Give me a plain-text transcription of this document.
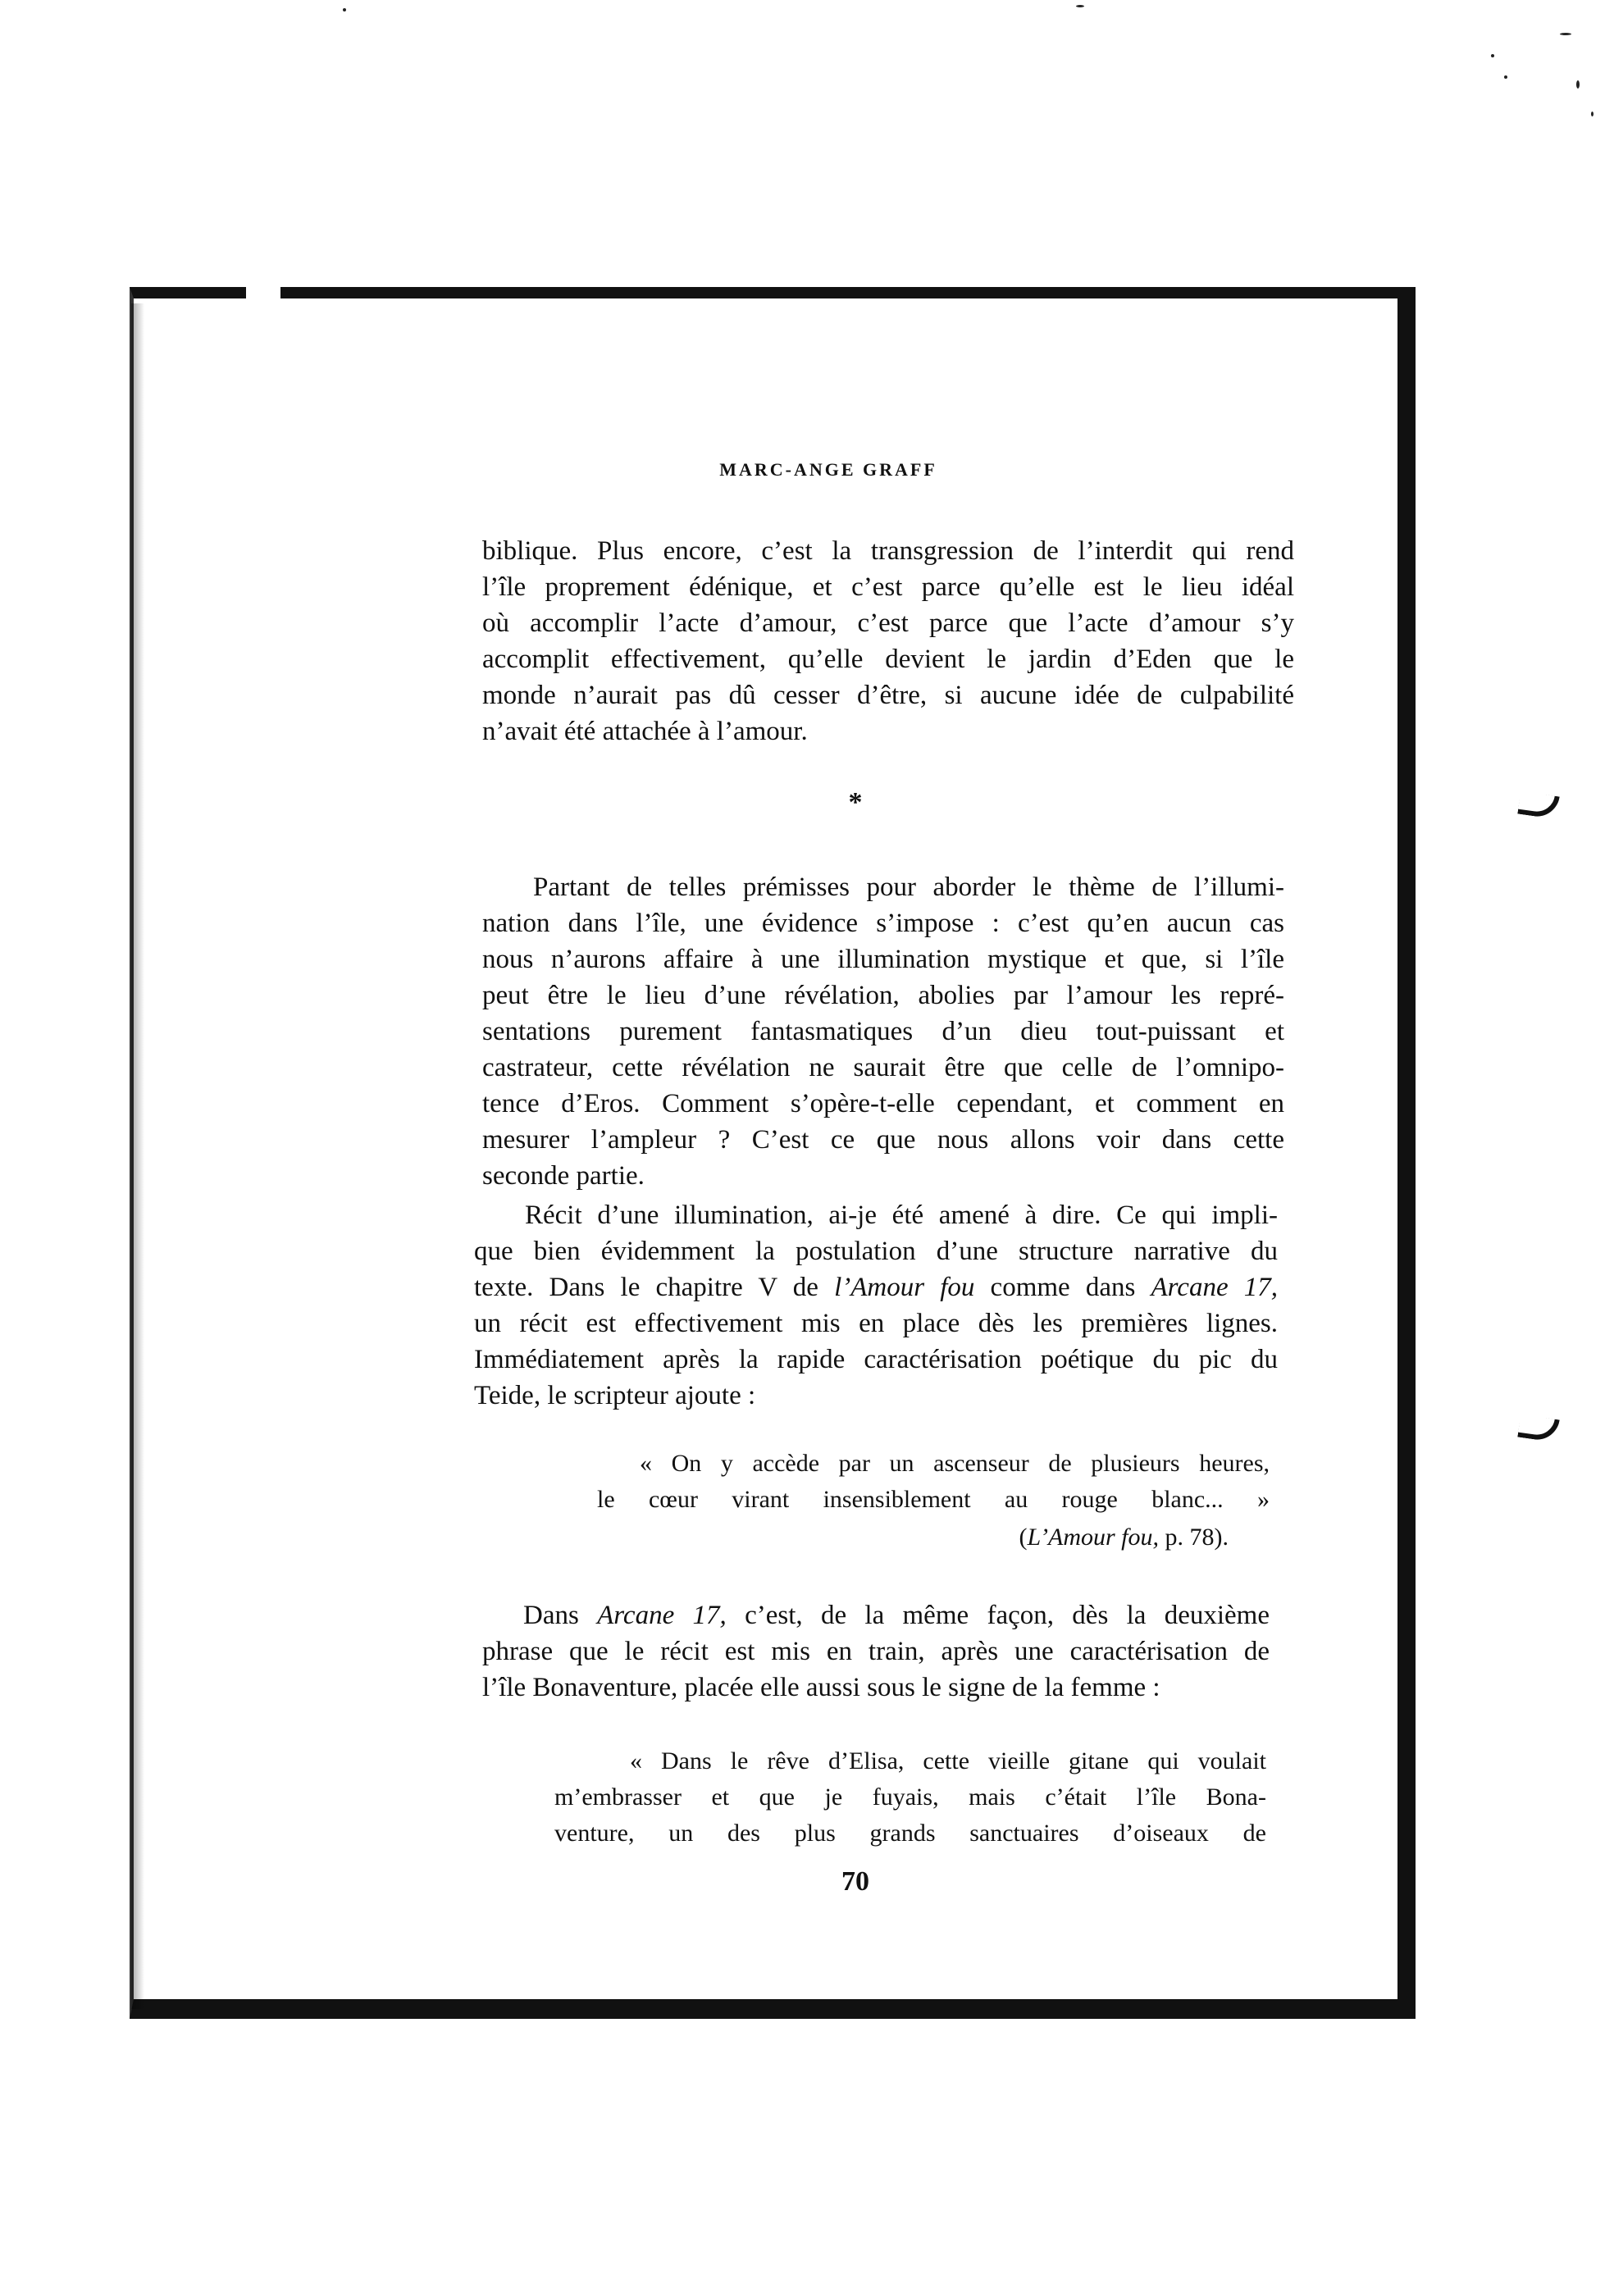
MARC-ANGE GRAFF
biblique. Plus encore, c’est la transgression de l’interdit qui rend
l’île proprement édénique, et c’est parce qu’elle est le lieu idéal
où accomplir l’acte d’amour, c’est parce que l’acte d’amour s’y
accomplit effectivement, qu’elle devient le jardin d’Eden que le
monde n’aurait pas dû cesser d’être, si aucune idée de culpabilité
n’avait été attachée à l’amour.
*
Partant de telles prémisses pour aborder le thème de l’illumi-
nation dans l’île, une évidence s’impose : c’est qu’en aucun cas
nous n’aurons affaire à une illumination mystique et que, si l’île
peut être le lieu d’une révélation, abolies par l’amour les repré-
sentations purement fantasmatiques d’un dieu tout-puissant et
castrateur, cette révélation ne saurait être que celle de l’omnipo-
tence d’Eros. Comment s’opère-t-elle cependant, et comment en
mesurer l’ampleur ? C’est ce que nous allons voir dans cette
seconde partie.
Récit d’une illumination, ai-je été amené à dire. Ce qui impli-
que bien évidemment la postulation d’une structure narrative du
texte. Dans le chapitre V de l’Amour fou comme dans Arcane 17,
un récit est effectivement mis en place dès les premières lignes.
Immédiatement après la rapide caractérisation poétique du pic du
Teide, le scripteur ajoute :
« On y accède par un ascenseur de plusieurs heures,
le cœur virant insensiblement au rouge blanc... »
(L’Amour fou, p. 78).
Dans Arcane 17, c’est, de la même façon, dès la deuxième
phrase que le récit est mis en train, après une caractérisation de
l’île Bonaventure, placée elle aussi sous le signe de la femme :
« Dans le rêve d’Elisa, cette vieille gitane qui voulait
m’embrasser et que je fuyais, mais c’était l’île Bona-
venture, un des plus grands sanctuaires d’oiseaux de
70
